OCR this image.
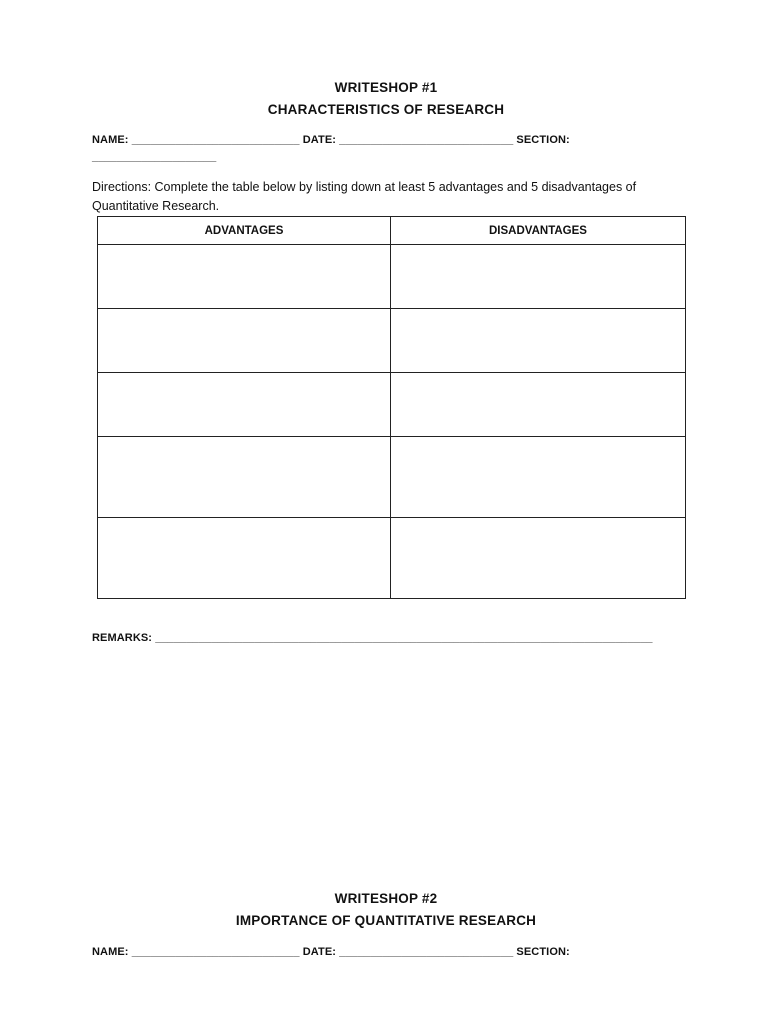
WRITESHOP #1
CHARACTERISTICS OF RESEARCH
NAME: ___________________________ DATE: ____________________________ SECTION:
____________________
Directions: Complete the table below by listing down at least 5 advantages and 5 disadvantages of Quantitative Research.
ADVANTAGES	DISADVANTAGES

REMARKS: ________________________________________________________________________________
WRITESHOP #2
IMPORTANCE OF QUANTITATIVE RESEARCH
NAME: ___________________________ DATE: ____________________________ SECTION:
